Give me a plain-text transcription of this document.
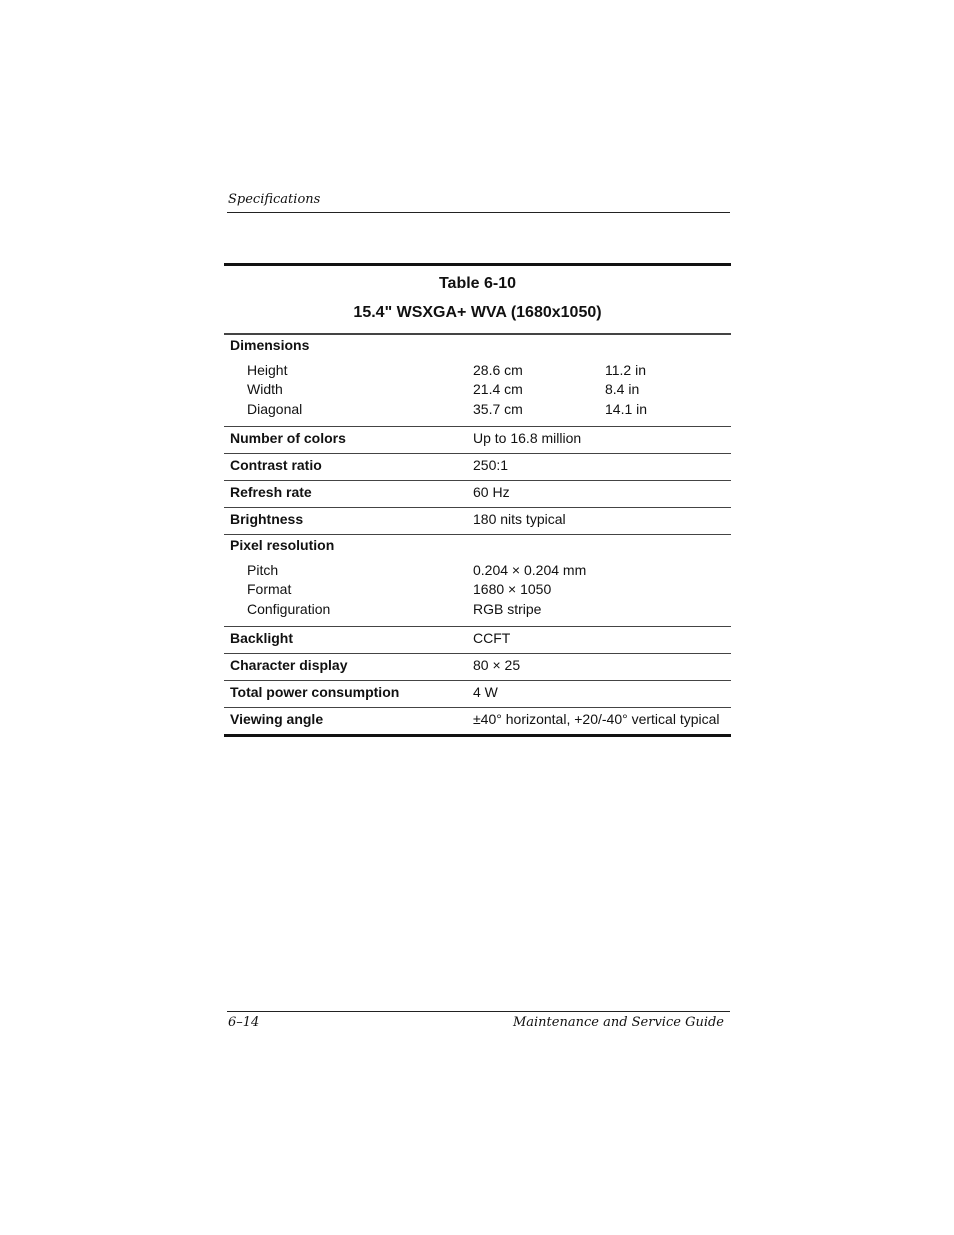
Specifications
Table 6-10
15.4" WSXGA+ WVA (1680x1050)
Dimensions
Height	28.6 cm	11.2 in
Width	21.4 cm	8.4 in
Diagonal	35.7 cm	14.1 in
Number of colors	Up to 16.8 million
Contrast ratio	250:1
Refresh rate	60 Hz
Brightness	180 nits typical
Pixel resolution
Pitch	0.204 × 0.204 mm
Format	1680 × 1050
Configuration	RGB stripe
Backlight	CCFT
Character display	80 × 25
Total power consumption	4 W
Viewing angle	±40° horizontal, +20/-40° vertical typical
6–14	Maintenance and Service Guide
